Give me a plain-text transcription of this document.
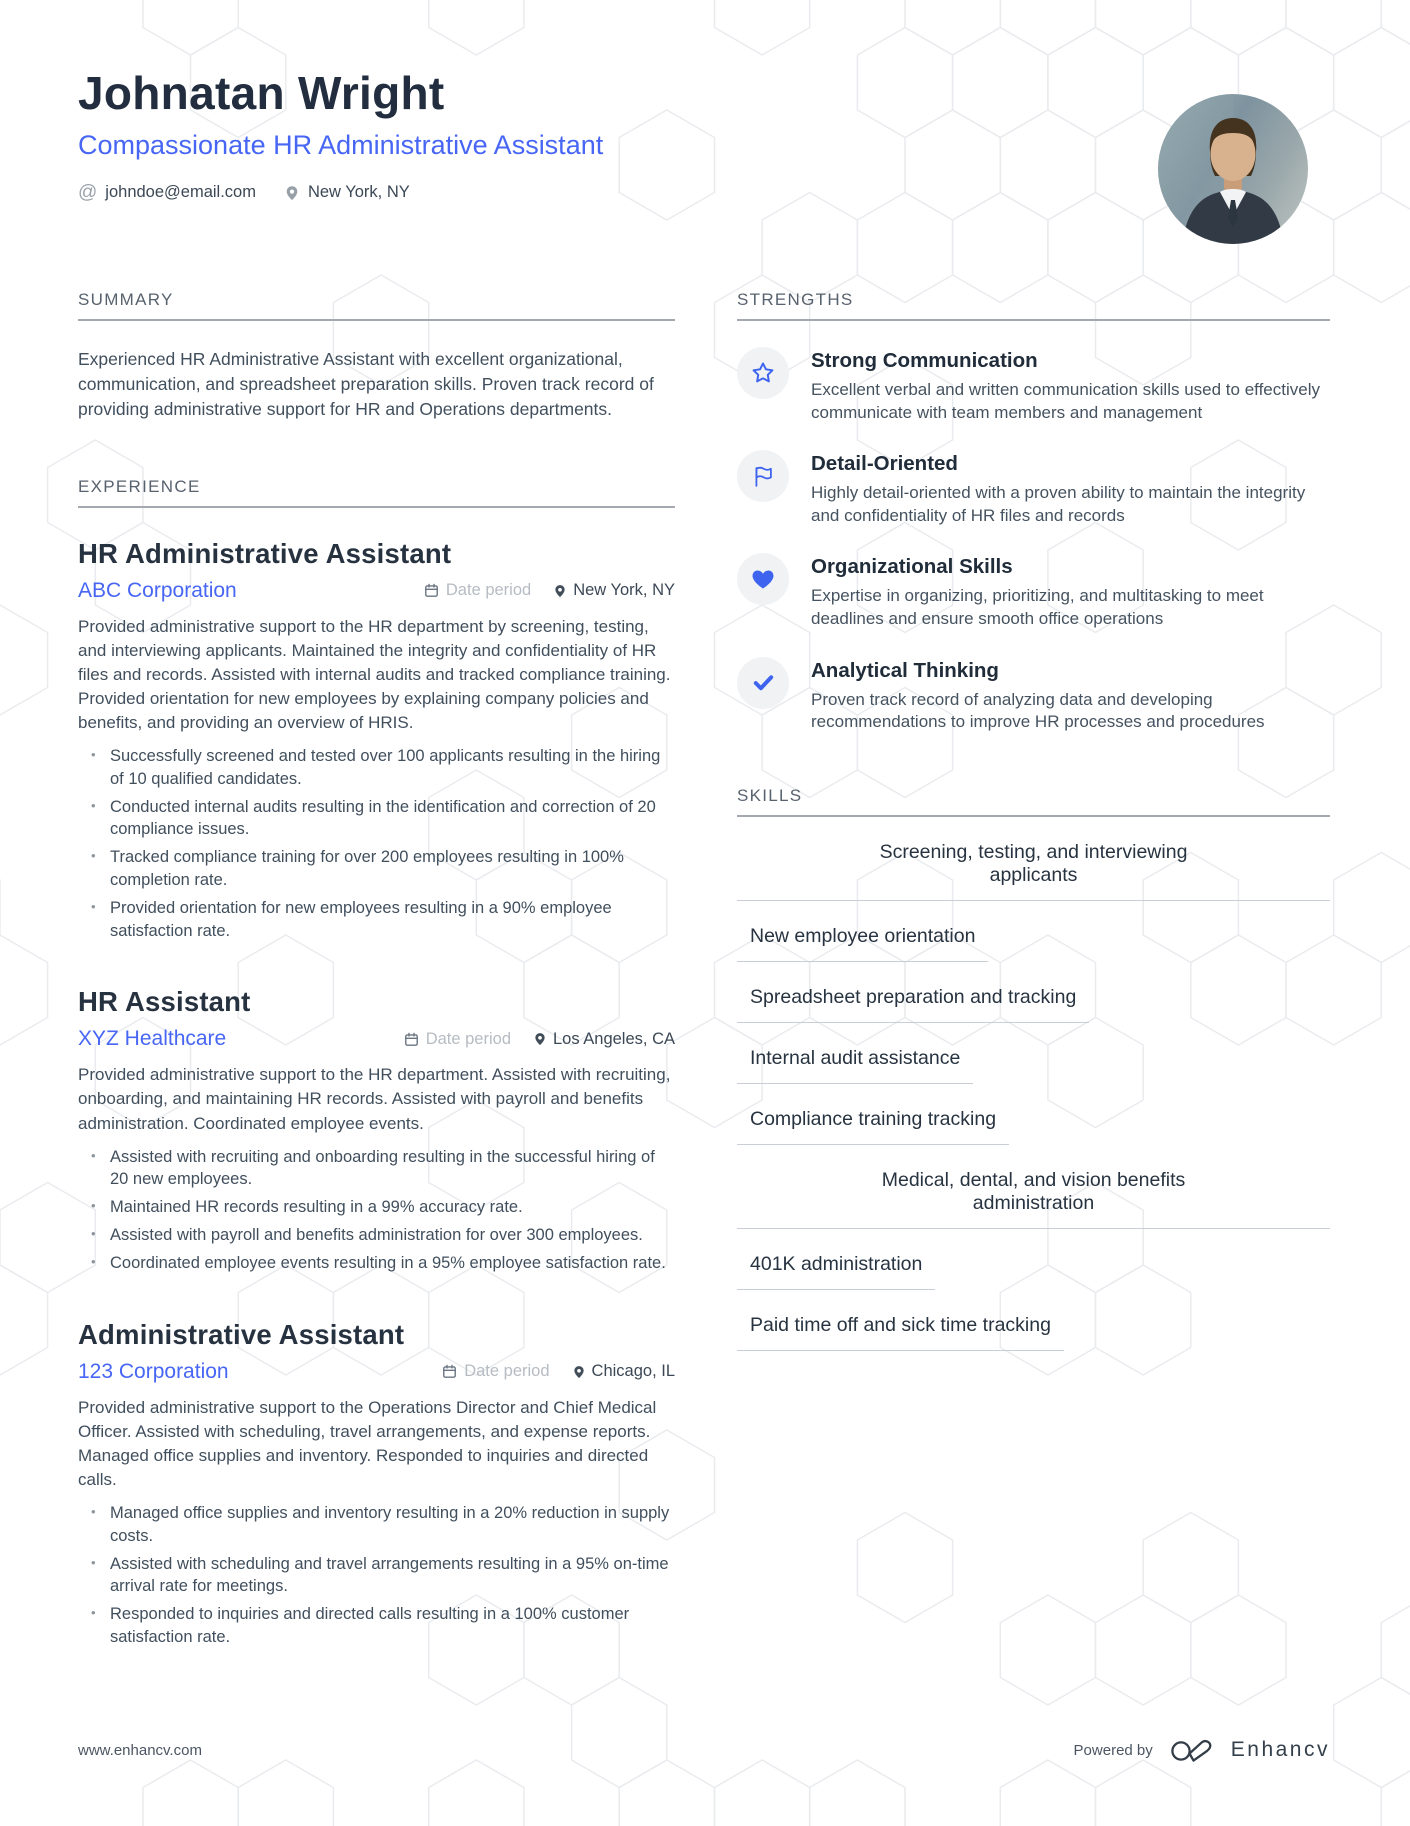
Johnatan Wright
Compassionate HR Administrative Assistant
@ johndoe@email.com	New York, NY
SUMMARY
Experienced HR Administrative Assistant with excellent organizational, communication, and spreadsheet preparation skills. Proven track record of providing administrative support for HR and Operations departments.
EXPERIENCE
HR Administrative Assistant
ABC Corporation	Date period	New York, NY

Provided administrative support to the HR department by screening, testing, and interviewing applicants. Maintained the integrity and confidentiality of HR files and records. Assisted with internal audits and tracked compliance training. Provided orientation for new employees by explaining company policies and benefits, and providing an overview of HRIS.

• Successfully screened and tested over 100 applicants resulting in the hiring of 10 qualified candidates.
• Conducted internal audits resulting in the identification and correction of 20 compliance issues.
• Tracked compliance training for over 200 employees resulting in 100% completion rate.
• Provided orientation for new employees resulting in a 90% employee satisfaction rate.
HR Assistant
XYZ Healthcare	Date period	Los Angeles, CA

Provided administrative support to the HR department. Assisted with recruiting, onboarding, and maintaining HR records. Assisted with payroll and benefits administration. Coordinated employee events.

• Assisted with recruiting and onboarding resulting in the successful hiring of 20 new employees.
• Maintained HR records resulting in a 99% accuracy rate.
• Assisted with payroll and benefits administration for over 300 employees.
• Coordinated employee events resulting in a 95% employee satisfaction rate.
Administrative Assistant
123 Corporation	Date period	Chicago, IL

Provided administrative support to the Operations Director and Chief Medical Officer. Assisted with scheduling, travel arrangements, and expense reports. Managed office supplies and inventory. Responded to inquiries and directed calls.

• Managed office supplies and inventory resulting in a 20% reduction in supply costs.
• Assisted with scheduling and travel arrangements resulting in a 95% on-time arrival rate for meetings.
• Responded to inquiries and directed calls resulting in a 100% customer satisfaction rate.
STRENGTHS
Strong Communication

Excellent verbal and written communication skills used to effectively communicate with team members and management

Detail-Oriented

Highly detail-oriented with a proven ability to maintain the integrity and confidentiality of HR files and records

Organizational Skills

Expertise in organizing, prioritizing, and multitasking to meet deadlines and ensure smooth office operations

Analytical Thinking

Proven track record of analyzing data and developing recommendations to improve HR processes and procedures

SKILLS
Screening, testing, and interviewing applicants
New employee orientation
Spreadsheet preparation and tracking
Internal audit assistance
Compliance training tracking
Medical, dental, and vision benefits administration
401K administration
Paid time off and sick time tracking
www.enhancv.com	Powered by	Enhancv
